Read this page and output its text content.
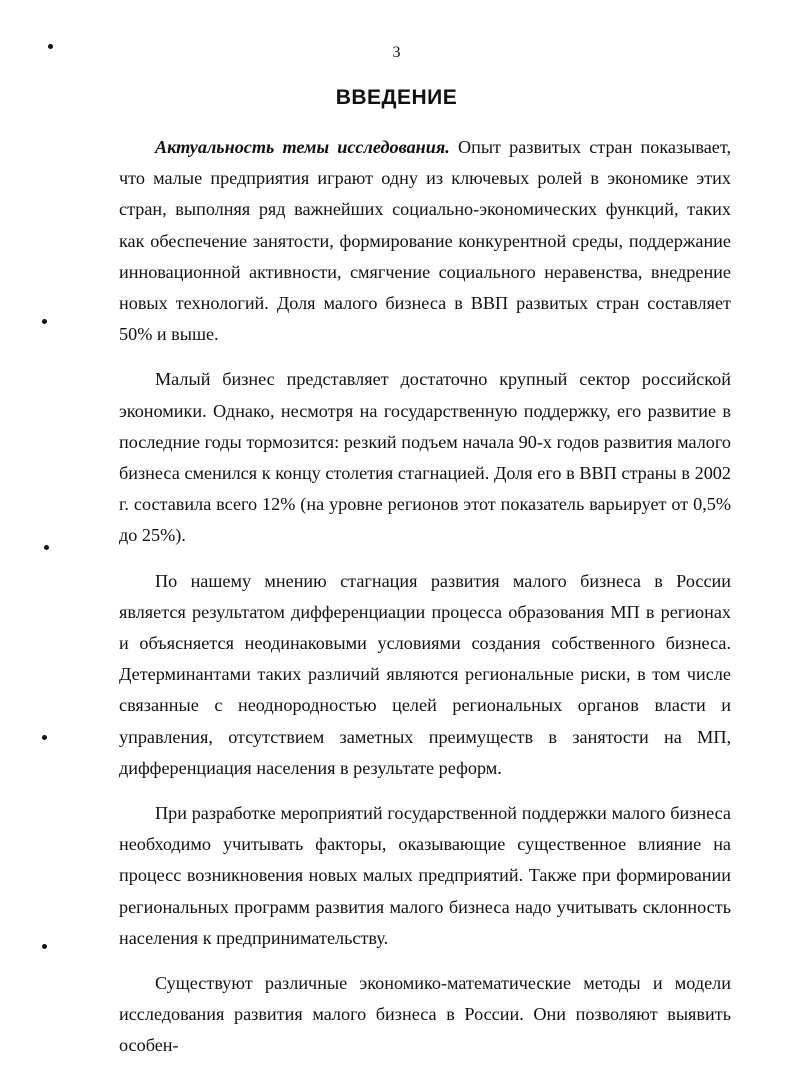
3
ВВЕДЕНИЕ

Актуальность темы исследования. Опыт развитых стран показывает, что малые предприятия играют одну из ключевых ролей в экономике этих стран, выполняя ряд важнейших социально-экономических функций, таких как обеспечение занятости, формирование конкурентной среды, поддержание инновационной активности, смягчение социального неравенства, внедрение новых технологий. Доля малого бизнеса в ВВП развитых стран составляет 50% и выше.

Малый бизнес представляет достаточно крупный сектор российской экономики. Однако, несмотря на государственную поддержку, его развитие в последние годы тормозится: резкий подъем начала 90-х годов развития малого бизнеса сменился к концу столетия стагнацией. Доля его в ВВП страны в 2002 г. составила всего 12% (на уровне регионов этот показатель варьирует от 0,5% до 25%).

По нашему мнению стагнация развития малого бизнеса в России является результатом дифференциации процесса образования МП в регионах и объясняется неодинаковыми условиями создания собственного бизнеса. Детерминантами таких различий являются региональные риски, в том числе связанные с неоднородностью целей региональных органов власти и управления, отсутствием заметных преимуществ в занятости на МП, дифференциация населения в результате реформ.

При разработке мероприятий государственной поддержки малого бизнеса необходимо учитывать факторы, оказывающие существенное влияние на процесс возникновения новых малых предприятий. Также при формировании региональных программ развития малого бизнеса надо учитывать склонность населения к предпринимательству.

Существуют различные экономико-математические методы и модели исследования развития малого бизнеса в России. Они позволяют выявить особен-
